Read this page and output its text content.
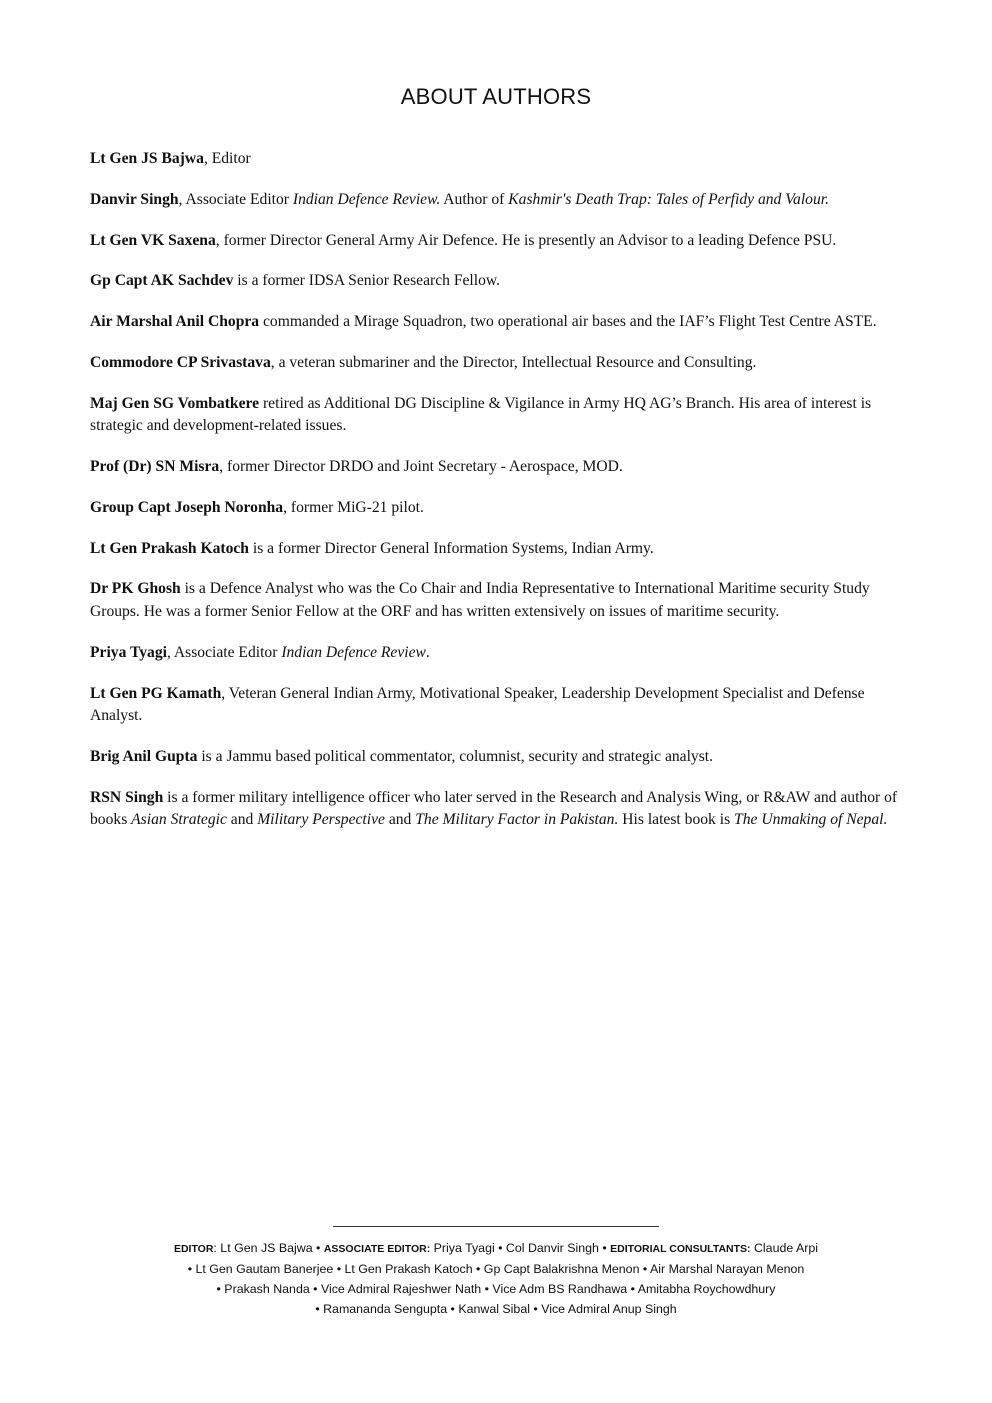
ABOUT AUTHORS
Lt Gen JS Bajwa, Editor
Danvir Singh, Associate Editor Indian Defence Review. Author of Kashmir's Death Trap: Tales of Perfidy and Valour.
Lt Gen VK Saxena, former Director General Army Air Defence. He is presently an Advisor to a leading Defence PSU.
Gp Capt AK Sachdev is a former IDSA Senior Research Fellow.
Air Marshal Anil Chopra commanded a Mirage Squadron, two operational air bases and the IAF’s Flight Test Centre ASTE.
Commodore CP Srivastava, a veteran submariner and the Director, Intellectual Resource and Consulting.
Maj Gen SG Vombatkere retired as Additional DG Discipline & Vigilance in Army HQ AG’s Branch. His area of interest is strategic and development-related issues.
Prof (Dr) SN Misra, former Director DRDO and Joint Secretary - Aerospace, MOD.
Group Capt Joseph Noronha, former MiG-21 pilot.
Lt Gen Prakash Katoch is a former Director General Information Systems, Indian Army.
Dr PK Ghosh is a Defence Analyst who was the Co Chair and India Representative to International Maritime security Study Groups. He was a former Senior Fellow at the ORF and has written extensively on issues of maritime security.
Priya Tyagi, Associate Editor Indian Defence Review.
Lt Gen PG Kamath, Veteran General Indian Army, Motivational Speaker, Leadership Development Specialist and Defense Analyst.
Brig Anil Gupta is a Jammu based political commentator, columnist, security and strategic analyst.
RSN Singh is a former military intelligence officer who later served in the Research and Analysis Wing, or R&AW and author of books Asian Strategic and Military Perspective and The Military Factor in Pakistan. His latest book is The Unmaking of Nepal.
EDITOR: Lt Gen JS Bajwa • ASSOCIATE EDITOR: Priya Tyagi • Col Danvir Singh • EDITORIAL CONSULTANTS: Claude Arpi
• Lt Gen Gautam Banerjee • Lt Gen Prakash Katoch • Gp Capt Balakrishna Menon • Air Marshal Narayan Menon
• Prakash Nanda • Vice Admiral Rajeshwer Nath • Vice Adm BS Randhawa • Amitabha Roychowdhury
• Ramananda Sengupta • Kanwal Sibal • Vice Admiral Anup Singh
